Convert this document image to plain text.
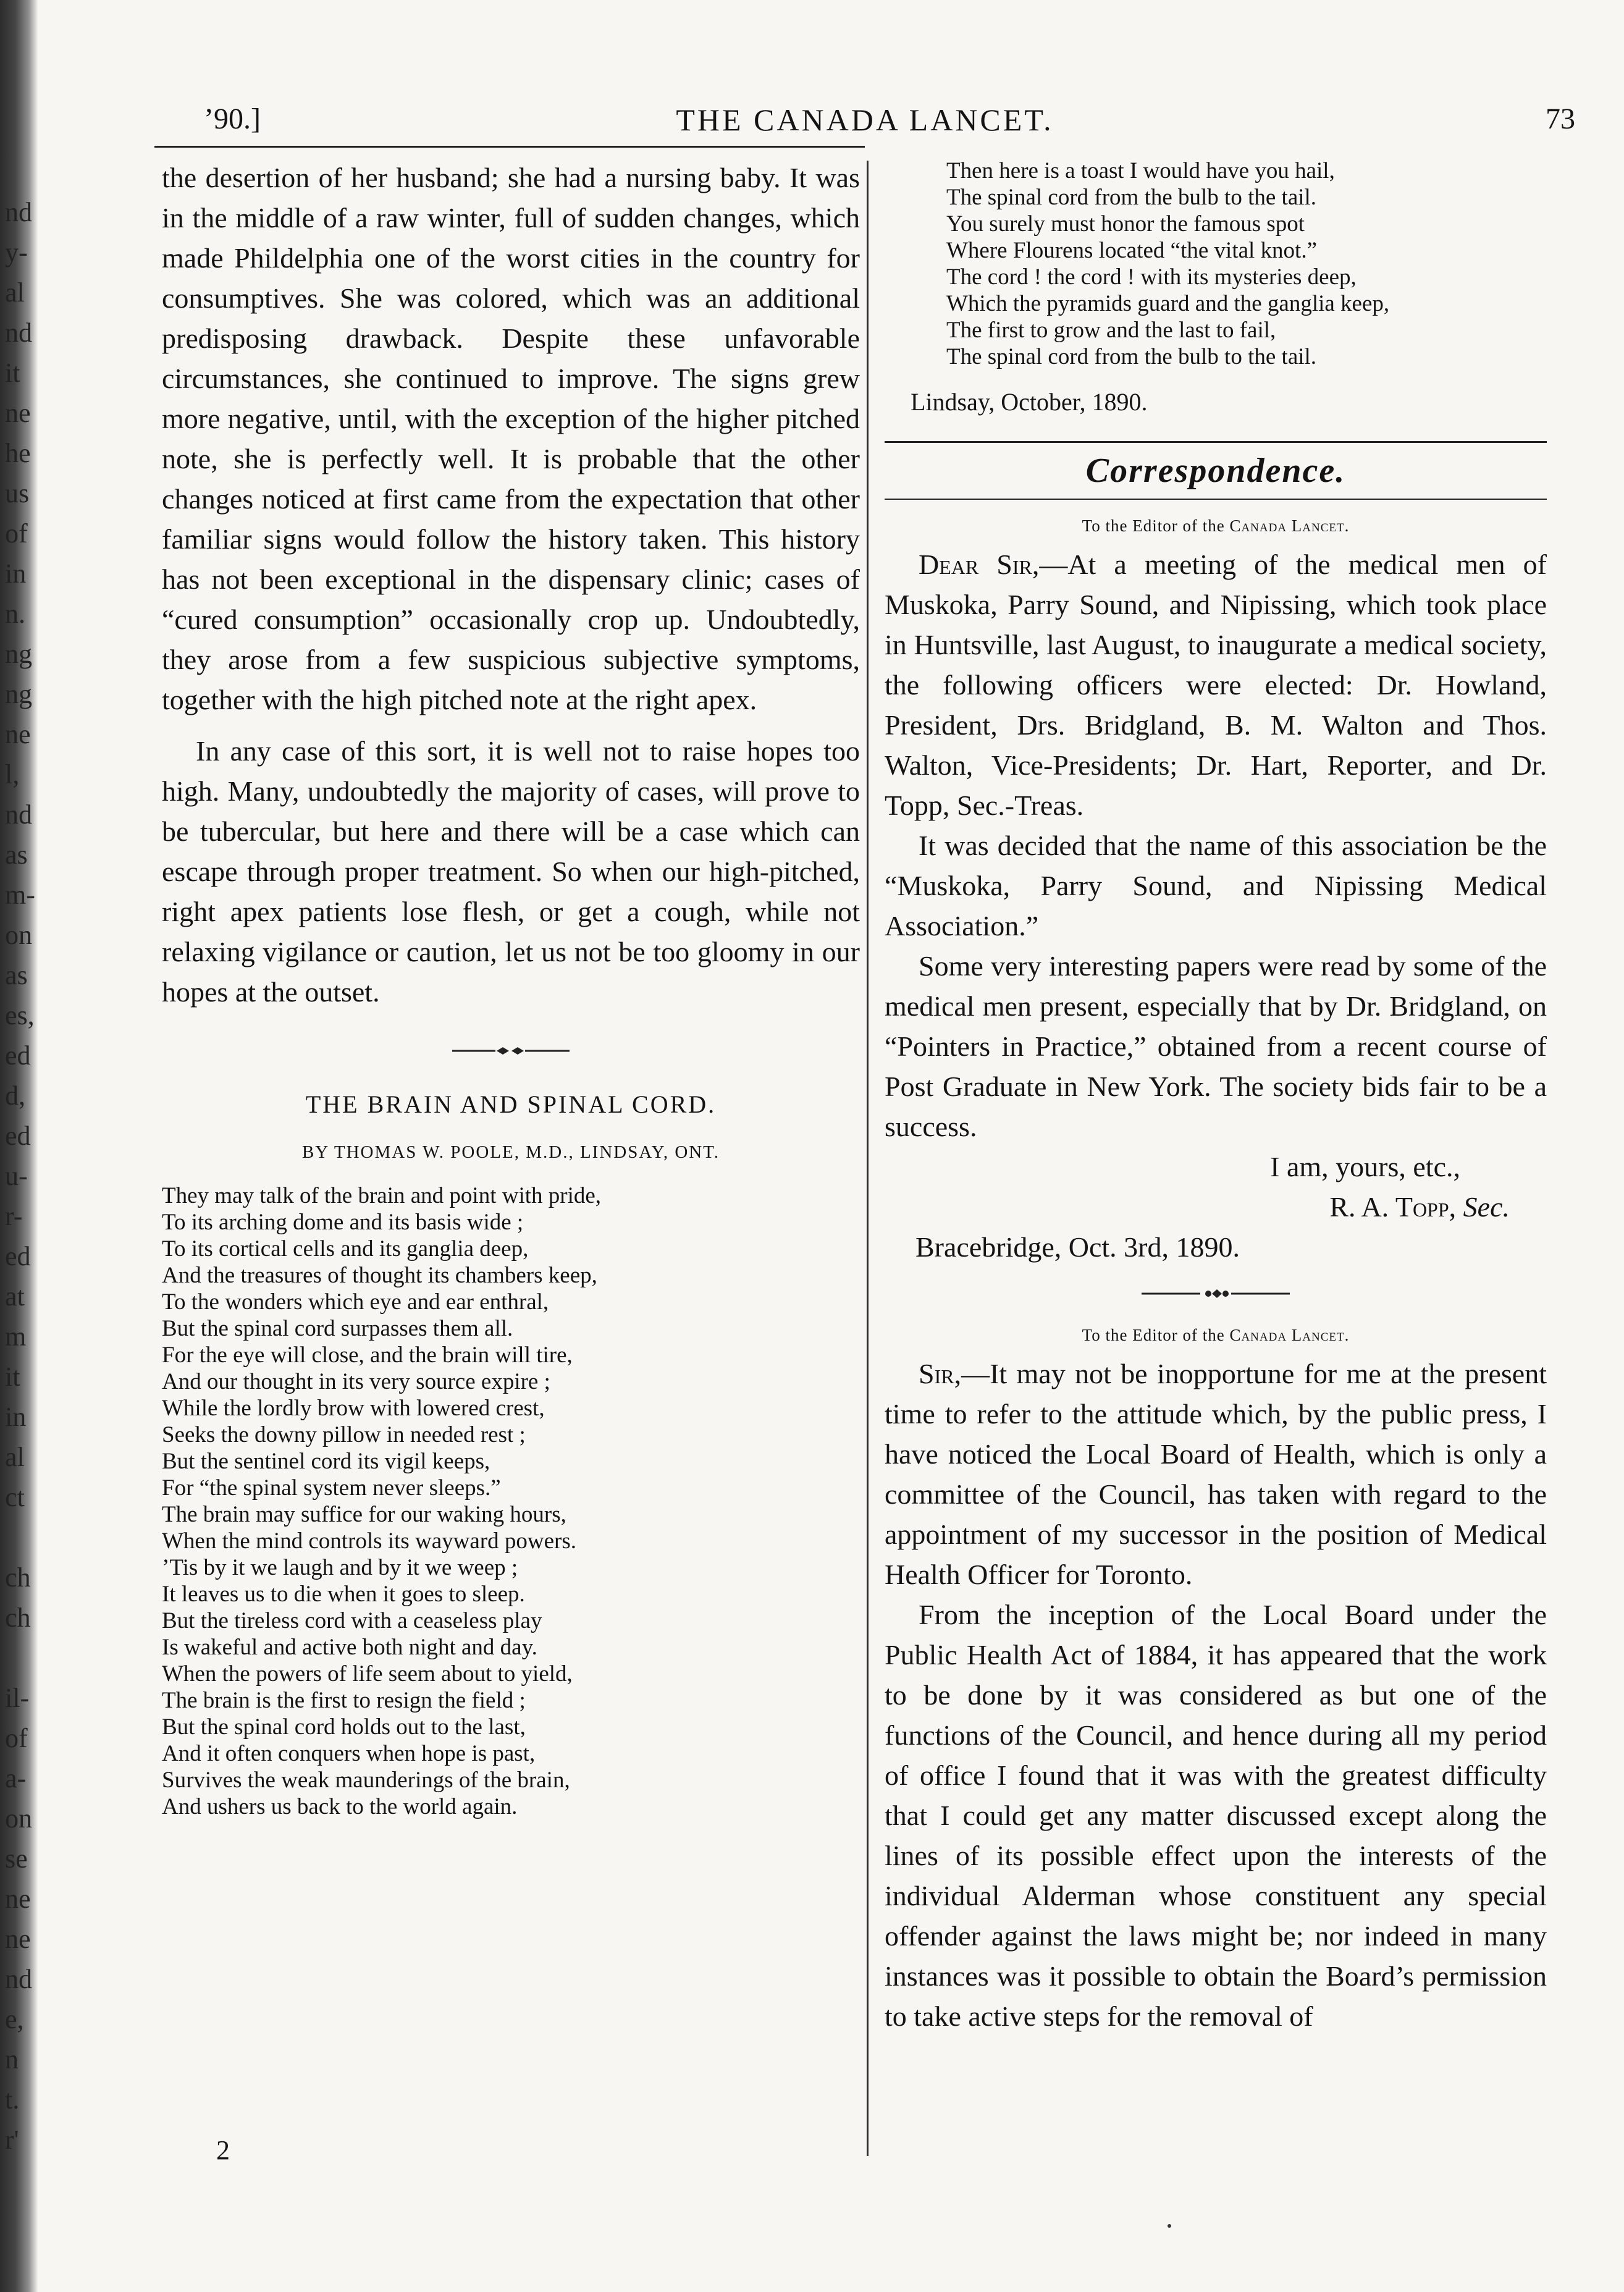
nd
y-
al
nd
it
ne
he
us
of
in
n.
ng
ng
ne
l,
nd
as
m-
on
as
es,
ed
d,
ed
u-
r-
ed
at
m
it
in
al
ct
ch
ch
il-
of
a-
on
se
ne
ne
nd
e,
n
t.
r'
’90.]	THE CANADA LANCET.	73

the desertion of her husband; she had a nursing baby. It was in the middle of a raw winter, full of sudden changes, which made Phildelphia one of the worst cities in the country for consumptives. She was colored, which was an additional predisposing drawback. Despite these unfavorable circumstances, she continued to improve. The signs grew more negative, until, with the exception of the higher pitched note, she is perfectly well. It is probable that the other changes noticed at first came from the expectation that other familiar signs would follow the history taken. This history has not been exceptional in the dispensary clinic; cases of “cured consumption” occasionally crop up. Undoubtedly, they arose from a few suspicious subjective symptoms, together with the high pitched note at the right apex.

In any case of this sort, it is well not to raise hopes too high. Many, undoubtedly the majority of cases, will prove to be tubercular, but here and there will be a case which can escape through proper treatment. So when our high-pitched, right apex patients lose flesh, or get a cough, while not relaxing vigilance or caution, let us not be too gloomy in our hopes at the outset.

THE BRAIN AND SPINAL CORD.
BY THOMAS W. POOLE, M.D., LINDSAY, ONT.
They may talk of the brain and point with pride,
To its arching dome and its basis wide ;
To its cortical cells and its ganglia deep,
And the treasures of thought its chambers keep,
To the wonders which eye and ear enthral,
But the spinal cord surpasses them all.
For the eye will close, and the brain will tire,
And our thought in its very source expire ;
While the lordly brow with lowered crest,
Seeks the downy pillow in needed rest ;
But the sentinel cord its vigil keeps,
For “the spinal system never sleeps.”
The brain may suffice for our waking hours,
When the mind controls its wayward powers.
’Tis by it we laugh and by it we weep ;
It leaves us to die when it goes to sleep.
But the tireless cord with a ceaseless play
Is wakeful and active both night and day.
When the powers of life seem about to yield,
The brain is the first to resign the field ;
But the spinal cord holds out to the last,
And it often conquers when hope is past,
Survives the weak maunderings of the brain,
And ushers us back to the world again.
2
Then here is a toast I would have you hail,
The spinal cord from the bulb to the tail.
You surely must honor the famous spot
Where Flourens located “the vital knot.”
The cord ! the cord ! with its mysteries deep,
Which the pyramids guard and the ganglia keep,
The first to grow and the last to fail,
The spinal cord from the bulb to the tail.
Lindsay, October, 1890.
Correspondence.
To the Editor of the Canada Lancet.

Dear Sir,—At a meeting of the medical men of Muskoka, Parry Sound, and Nipissing, which took place in Huntsville, last August, to inaugurate a medical society, the following officers were elected: Dr. Howland, President, Drs. Bridgland, B. M. Walton and Thos. Walton, Vice-Presidents; Dr. Hart, Reporter, and Dr. Topp, Sec.-Treas.

It was decided that the name of this association be the “Muskoka, Parry Sound, and Nipissing Medical Association.”

Some very interesting papers were read by some of the medical men present, especially that by Dr. Bridgland, on “Pointers in Practice,” obtained from a recent course of Post Graduate in New York. The society bids fair to be a success.

I am, yours, etc.,

R. A. Topp, Sec.

Bracebridge, Oct. 3rd, 1890.

To the Editor of the Canada Lancet.

Sir,—It may not be inopportune for me at the present time to refer to the attitude which, by the public press, I have noticed the Local Board of Health, which is only a committee of the Council, has taken with regard to the appointment of my successor in the position of Medical Health Officer for Toronto.

From the inception of the Local Board under the Public Health Act of 1884, it has appeared that the work to be done by it was considered as but one of the functions of the Council, and hence during all my period of office I found that it was with the greatest difficulty that I could get any matter discussed except along the lines of its possible effect upon the interests of the individual Alderman whose constituent any special offender against the laws might be; nor indeed in many instances was it possible to obtain the Board’s permission to take active steps for the removal of
